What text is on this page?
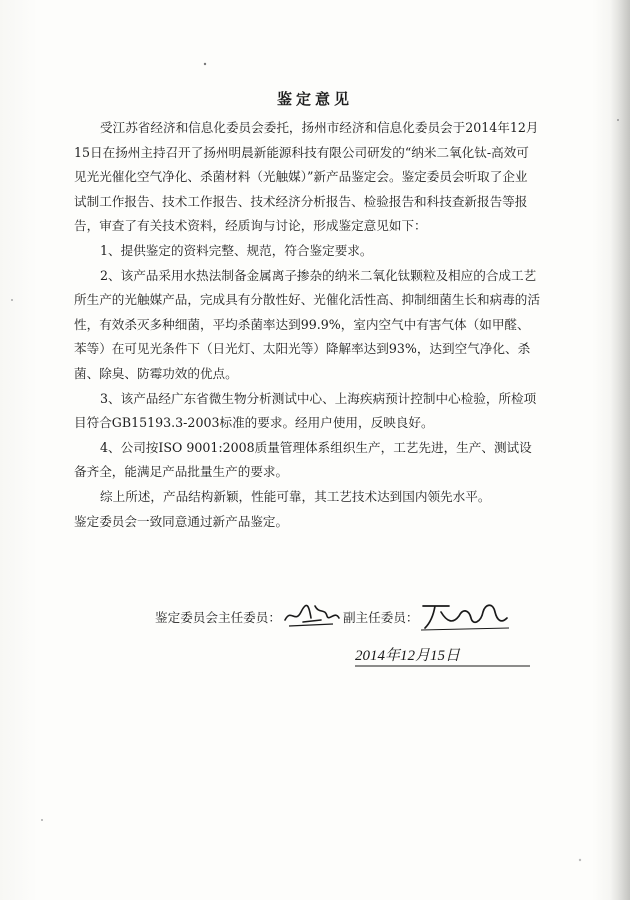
鉴定意见

受江苏省经济和信息化委员会委托，扬州市经济和信息化委员会于2014年12月15日在扬州主持召开了扬州明晨新能源科技有限公司研发的“纳米二氧化钛-高效可见光光催化空气净化、杀菌材料（光触媒）”新产品鉴定会。鉴定委员会听取了企业试制工作报告、技术工作报告、技术经济分析报告、检验报告和科技查新报告等报告，审查了有关技术资料，经质询与讨论，形成鉴定意见如下：

1、提供鉴定的资料完整、规范，符合鉴定要求。

2、该产品采用水热法制备金属离子掺杂的纳米二氧化钛颗粒及相应的合成工艺所生产的光触媒产品，完成具有分散性好、光催化活性高、抑制细菌生长和病毒的活性，有效杀灭多种细菌，平均杀菌率达到99.9%，室内空气中有害气体（如甲醛、苯等）在可见光条件下（日光灯、太阳光等）降解率达到93%，达到空气净化、杀菌、除臭、防霉功效的优点。

3、该产品经广东省微生物分析测试中心、上海疾病预计控制中心检验，所检项目符合GB15193.3-2003标准的要求。经用户使用，反映良好。

4、公司按ISO 9001:2008质量管理体系组织生产，工艺先进，生产、测试设备齐全，能满足产品批量生产的要求。

综上所述，产品结构新颖，性能可靠，其工艺技术达到国内领先水平。

鉴定委员会一致同意通过新产品鉴定。

鉴定委员会主任委员：	副主任委员：
2014年12月15日
